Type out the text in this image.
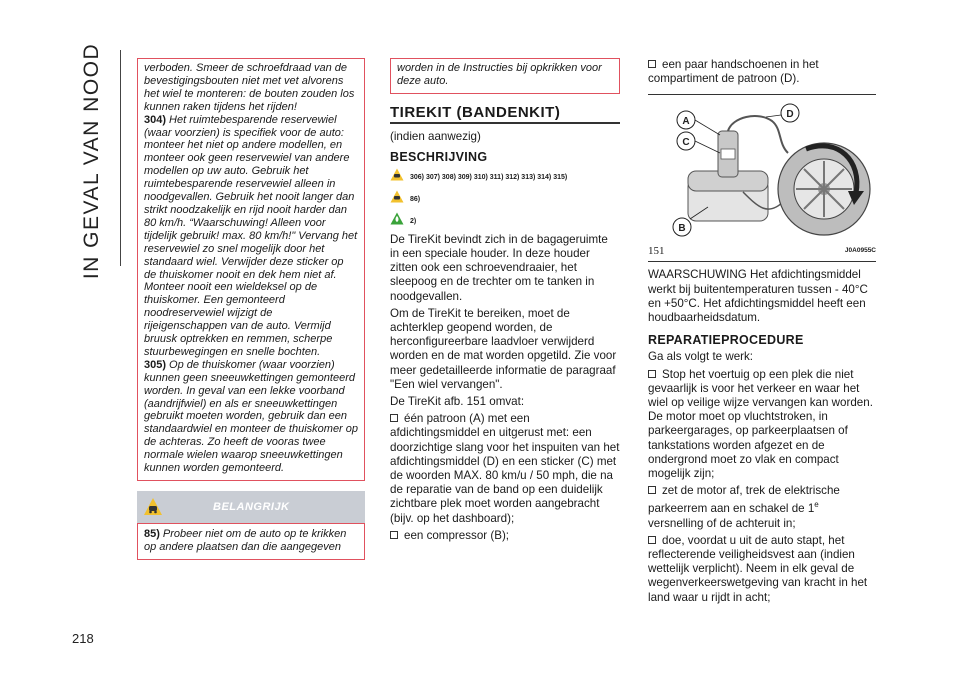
IN GEVAL VAN NOOD
218

verboden. Smeer de schroefdraad van de bevestigingsbouten niet met vet alvorens het wiel te monteren: de bouten zouden los kunnen raken tijdens het rijden!

304) Het ruimtebesparende reservewiel (waar voorzien) is specifiek voor de auto: monteer het niet op andere modellen, en monteer ook geen reservewiel van andere modellen op uw auto. Gebruik het ruimtebesparende reservewiel alleen in noodgevallen. Gebruik het nooit langer dan strikt noodzakelijk en rijd nooit harder dan 80 km/h. “Waarschuwing! Alleen voor tijdelijk gebruik! max. 80 km/h!" Vervang het reservewiel zo snel mogelijk door het standaard wiel. Verwijder deze sticker op de thuiskomer nooit en dek hem niet af. Monteer nooit een wieldeksel op de thuiskomer. Een gemonteerd noodreservewiel wijzigt de rijeigenschappen van de auto. Vermijd bruusk optrekken en remmen, scherpe stuurbewegingen en snelle bochten.

305) Op de thuiskomer (waar voorzien) kunnen geen sneeuwkettingen gemonteerd worden. In geval van een lekke voorband (aandrijfwiel) en als er sneeuwkettingen gebruikt moeten worden, gebruik dan een standaardwiel en monteer de thuiskomer op de achteras. Zo heeft de vooras twee normale wielen waarop sneeuwkettingen kunnen worden gemonteerd.

BELANGRIJK
85) Probeer niet om de auto op te krikken op andere plaatsen dan die aangegeven

worden in de Instructies bij opkrikken voor deze auto.

TIREKIT (BANDENKIT)

(indien aanwezig)

BESCHRIJVING
306) 307) 308) 309) 310) 311) 312) 313) 314) 315)
86)
2)

De TireKit bevindt zich in de bagageruimte in een speciale houder. In deze houder zitten ook een schroevendraaier, het sleepoog en de trechter om te tanken in noodgevallen.

Om de TireKit te bereiken, moet de achterklep geopend worden, de herconfigureerbare laadvloer verwijderd worden en de mat worden opgetild. Zie voor meer gedetailleerde informatie de paragraaf "Een wiel vervangen".

De TireKit afb. 151 omvat:

één patroon (A) met een afdichtingsmiddel en uitgerust met: een doorzichtige slang voor het inspuiten van het afdichtingsmiddel (D) en een sticker (C) met de woorden MAX. 80 km/u / 50 mph, die na de reparatie van de band op een duidelijk zichtbare plek moet worden aangebracht (bijv. op het dashboard);

een compressor (B);

een paar handschoenen in het compartiment de patroon (D).

A
C
B
D
151	J0A0955C

WAARSCHUWING Het afdichtingsmiddel werkt bij buitentemperaturen tussen - 40°C en +50°C. Het afdichtingsmiddel heeft een houdbaarheidsdatum.

REPARATIEPROCEDURE

Ga als volgt te werk:

Stop het voertuig op een plek die niet gevaarlijk is voor het verkeer en waar het wiel op veilige wijze vervangen kan worden. De motor moet op vluchtstroken, in parkeergarages, op parkeerplaatsen of tankstations worden afgezet en de ondergrond moet zo vlak en compact mogelijk zijn;

zet de motor af, trek de elektrische parkeerrem aan en schakel de 1e versnelling of de achteruit in;

doe, voordat u uit de auto stapt, het reflecterende veiligheidsvest aan (indien wettelijk verplicht). Neem in elk geval de wegenverkeerswetgeving van kracht in het land waar u rijdt in acht;
